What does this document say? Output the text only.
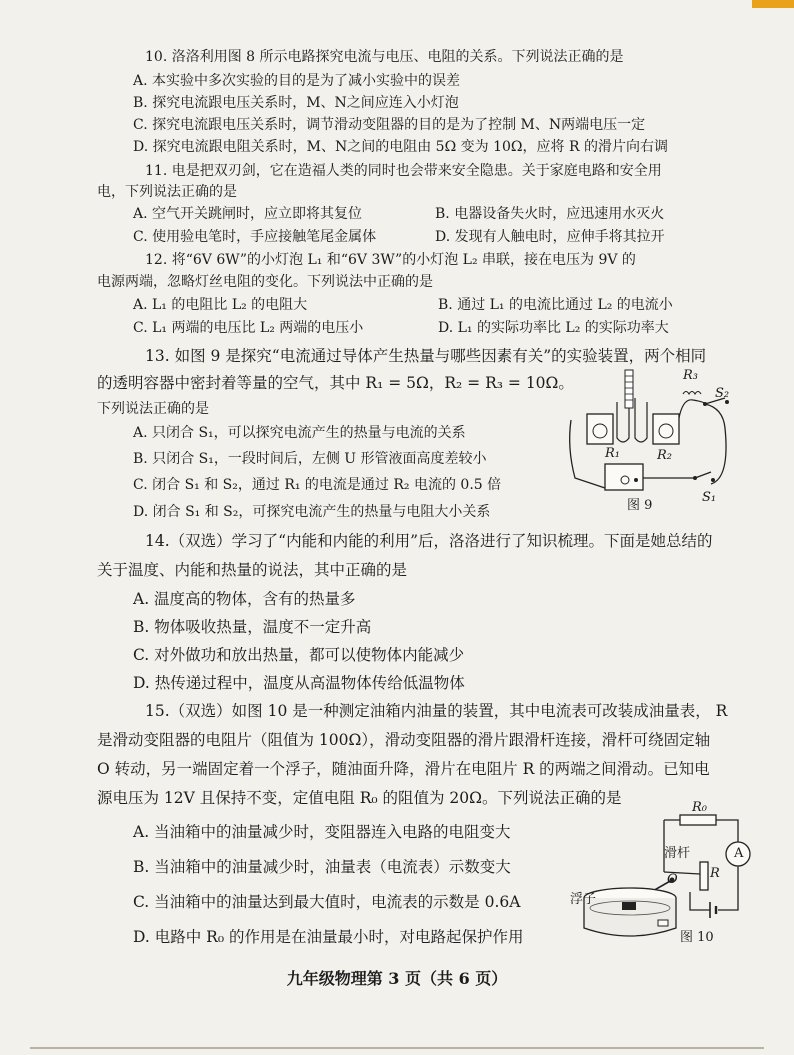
10. 洛洛利用图 8 所示电路探究电流与电压、电阻的关系。下列说法正确的是
A. 本实验中多次实验的目的是为了减小实验中的误差
B. 探究电流跟电压关系时，M、N之间应连入小灯泡
C. 探究电流跟电压关系时，调节滑动变阻器的目的是为了控制 M、N两端电压一定
D. 探究电流跟电阻关系时，M、N之间的电阻由 5Ω 变为 10Ω，应将 R 的滑片向右调
11. 电是把双刃剑，它在造福人类的同时也会带来安全隐患。关于家庭电路和安全用
电，下列说法正确的是
A. 空气开关跳闸时，应立即将其复位	B. 电器设备失火时，应迅速用水灭火
C. 使用验电笔时，手应接触笔尾金属体	D. 发现有人触电时，应伸手将其拉开
12. 将“6V 6W”的小灯泡 L₁ 和“6V 3W”的小灯泡 L₂ 串联，接在电压为 9V 的
电源两端，忽略灯丝电阻的变化。下列说法中正确的是
A. L₁ 的电阻比 L₂ 的电阻大	B. 通过 L₁ 的电流比通过 L₂ 的电流小
C. L₁ 两端的电压比 L₂ 两端的电压小	D. L₁ 的实际功率比 L₂ 的实际功率大
13. 如图 9 是探究“电流通过导体产生热量与哪些因素有关”的实验装置，两个相同
的透明容器中密封着等量的空气，其中 R₁ = 5Ω，R₂ = R₃ = 10Ω。
下列说法正确的是
A. 只闭合 S₁，可以探究电流产生的热量与电流的关系
B. 只闭合 S₁，一段时间后，左侧 U 形管液面高度差较小
C. 闭合 S₁ 和 S₂，通过 R₁ 的电流是通过 R₂ 电流的 0.5 倍
D. 闭合 S₁ 和 S₂，可探究电流产生的热量与电阻大小关系
R₃
S₂
R₁	R₂
S₁
图 9
14.（双选）学习了“内能和内能的利用”后，洛洛进行了知识梳理。下面是她总结的
关于温度、内能和热量的说法，其中正确的是
A. 温度高的物体，含有的热量多
B. 物体吸收热量，温度不一定升高
C. 对外做功和放出热量，都可以使物体内能减少
D. 热传递过程中，温度从高温物体传给低温物体
15.（双选）如图 10 是一种测定油箱内油量的装置，其中电流表可改装成油量表， R
是滑动变阻器的电阻片（阻值为 100Ω），滑动变阻器的滑片跟滑杆连接，滑杆可绕固定轴
O 转动，另一端固定着一个浮子，随油面升降，滑片在电阻片 R 的两端之间滑动。已知电
源电压为 12V 且保持不变，定值电阻 R₀ 的阻值为 20Ω。下列说法正确的是
A. 当油箱中的油量减少时，变阻器连入电路的电阻变大
B. 当油箱中的油量减少时，油量表（电流表）示数变大
C. 当油箱中的油量达到最大值时，电流表的示数是 0.6A
D. 电路中 R₀ 的作用是在油量最小时，对电路起保护作用
R₀
A
滑杆
O R
浮子
图 10
九年级物理第 3 页（共 6 页）
